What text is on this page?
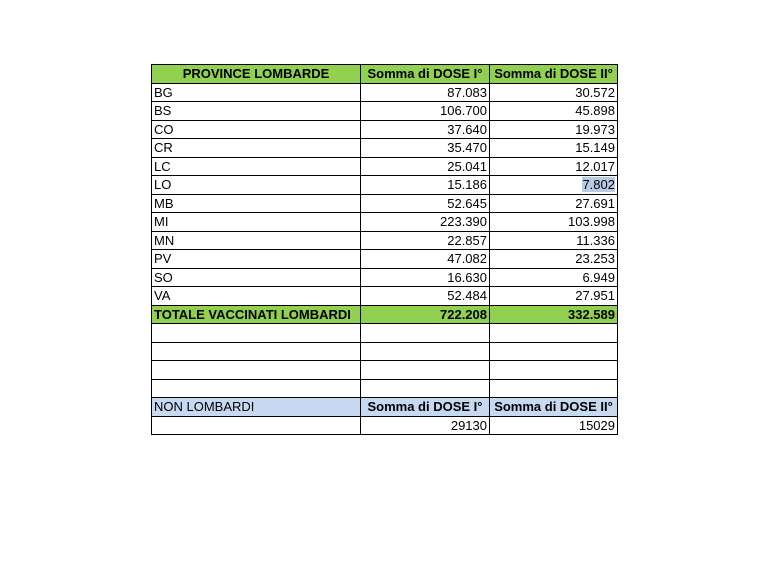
PROVINCE LOMBARDE	Somma di DOSE I°	Somma di DOSE II°
BG	87.083	30.572
BS	106.700	45.898
CO	37.640	19.973
CR	35.470	15.149
LC	25.041	12.017
LO	15.186	7.802
MB	52.645	27.691
MI	223.390	103.998
MN	22.857	11.336
PV	47.082	23.253
SO	16.630	6.949
VA	52.484	27.951
TOTALE VACCINATI LOMBARDI	722.208	332.589

NON LOMBARDI	Somma di DOSE I°	Somma di DOSE II°
	29130	15029
